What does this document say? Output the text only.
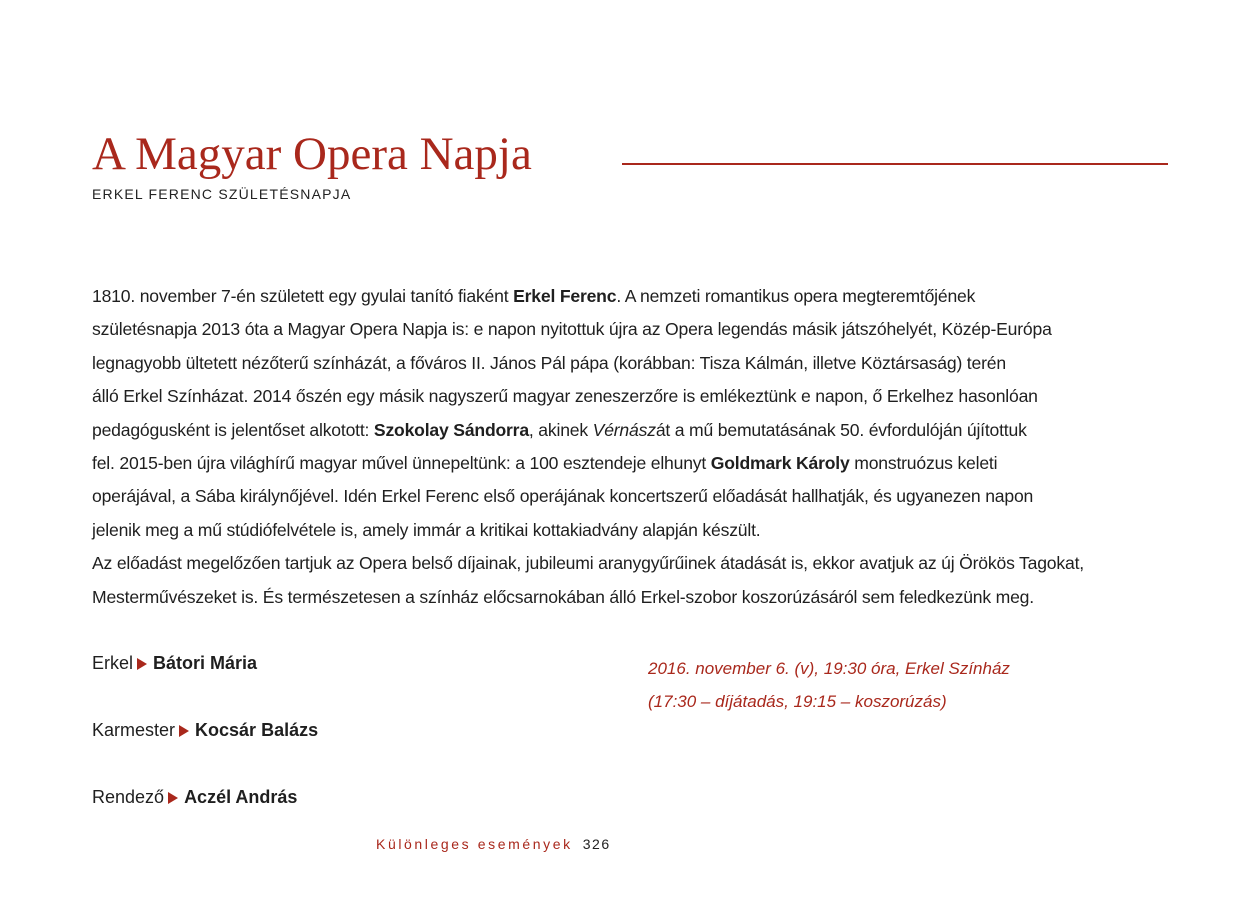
A Magyar Opera Napja
ERKEL FERENC SZÜLETÉSNAPJA
1810. november 7-én született egy gyulai tanító fiaként Erkel Ferenc. A nemzeti romantikus opera megteremtőjének
születésnapja 2013 óta a Magyar Opera Napja is: e napon nyitottuk újra az Opera legendás másik játszóhelyét, Közép-Európa
legnagyobb ültetett nézőterű színházát, a főváros II. János Pál pápa (korábban: Tisza Kálmán, illetve Köztársaság) terén
álló Erkel Színházat. 2014 őszén egy másik nagyszerű magyar zeneszerzőre is emlékeztünk e napon, ő Erkelhez hasonlóan
pedagógusként is jelentőset alkotott: Szokolay Sándorra, akinek Vérnászát a mű bemutatásának 50. évfordulóján újítottuk
fel. 2015-ben újra világhírű magyar művel ünnepeltünk: a 100 esztendeje elhunyt Goldmark Károly monstruózus keleti
operájával, a Sába királynőjével. Idén Erkel Ferenc első operájának koncertszerű előadását hallhatják, és ugyanezen napon
jelenik meg a mű stúdiófelvétele is, amely immár a kritikai kottakiadvány alapján készült.
Az előadást megelőzően tartjuk az Opera belső díjainak, jubileumi aranygyűrűinek átadását is, ekkor avatjuk az új Örökös Tagokat,
Mesterművészeket is. És természetesen a színház előcsarnokában álló Erkel-szobor koszorúzásáról sem feledkezünk meg.
Erkel Bátori Mária
Karmester Kocsár Balázs
Rendező Aczél András
2016. november 6. (v), 19:30 óra, Erkel Színház
(17:30 – díjátadás, 19:15 – koszorúzás)
Különleges események 326
